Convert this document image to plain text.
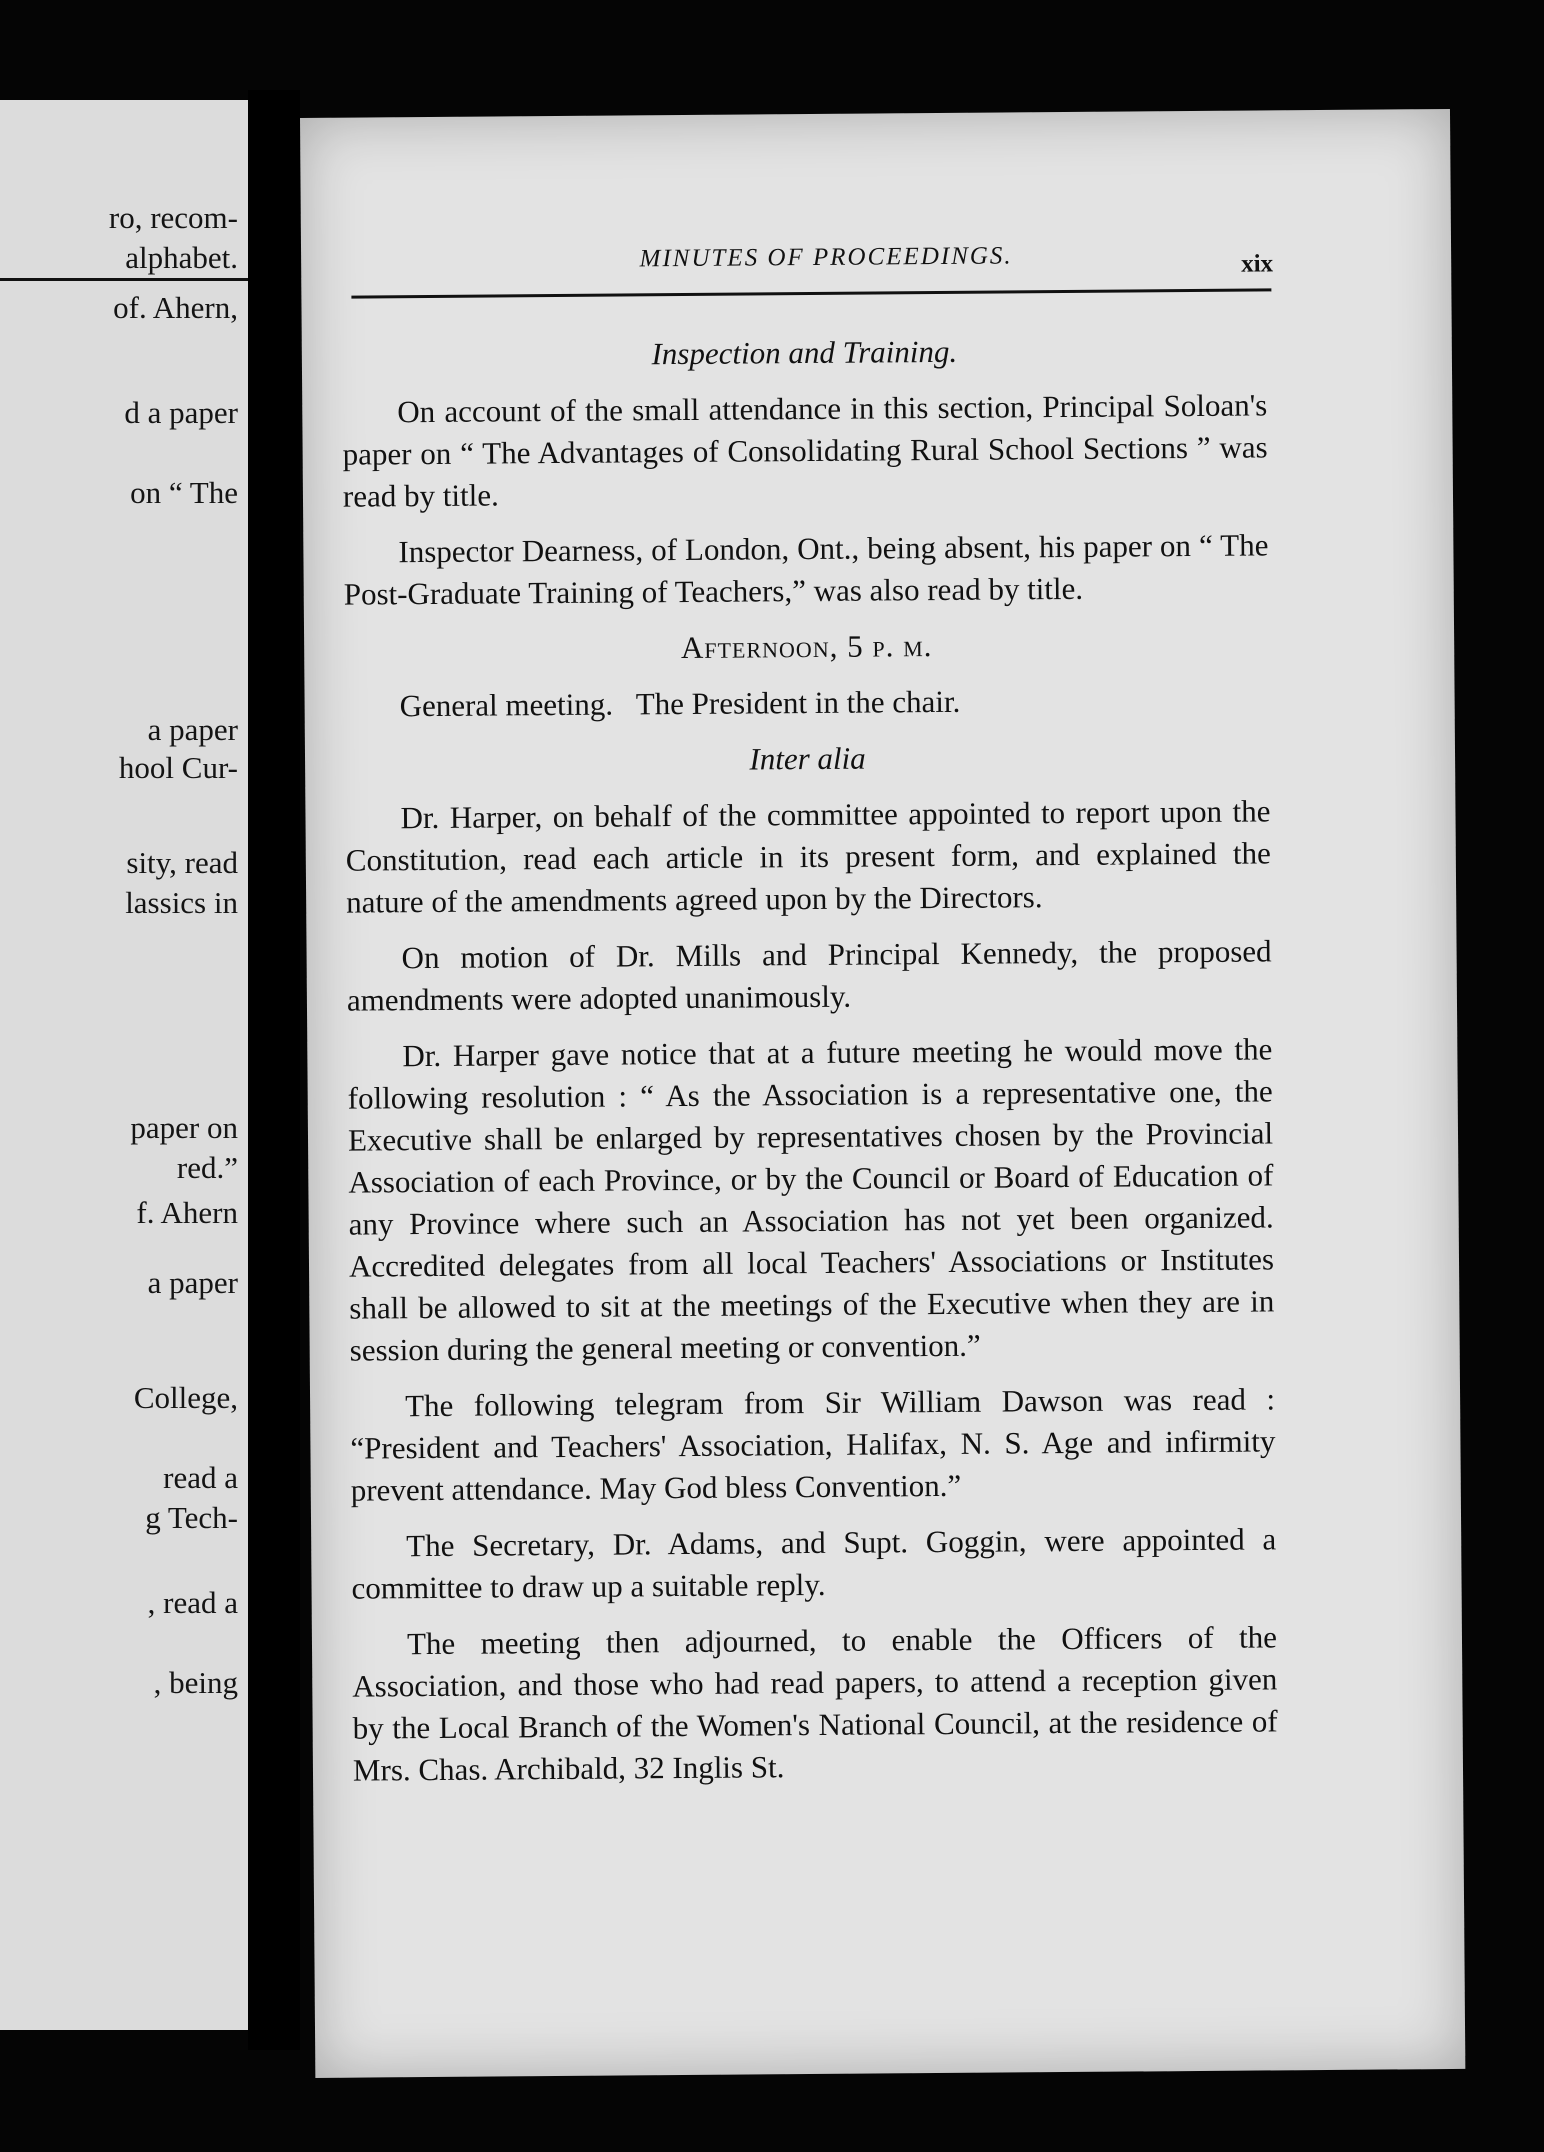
ro, recom-
alphabet.
of. Ahern,
d a paper
on “ The
a paper
hool Cur-
sity, read
lassics in
paper on
red.”
f. Ahern
a paper
College,
read a
g Tech-
, read a
, being
MINUTES OF PROCEEDINGS.	xix

Inspection and Training.

On account of the small attendance in this section, Principal Soloan's paper on “ The Advantages of Consolidating Rural School Sections ” was read by title.

Inspector Dearness, of London, Ont., being absent, his paper on “ The Post-Graduate Training of Teachers,” was also read by title.

Afternoon, 5 p. m.

General meeting.   The President in the chair.

Inter alia

Dr. Harper, on behalf of the committee appointed to report upon the Constitution, read each article in its present form, and explained the nature of the amendments agreed upon by the Directors.

On motion of Dr. Mills and Principal Kennedy, the proposed amendments were adopted unanimously.

Dr. Harper gave notice that at a future meeting he would move the following resolution : “ As the Association is a representative one, the Executive shall be enlarged by representatives chosen by the Provincial Association of each Province, or by the Council or Board of Education of any Province where such an Association has not yet been organized. Accredited delegates from all local Teachers' Associations or Institutes shall be allowed to sit at the meetings of the Executive when they are in session during the general meeting or convention.”

The following telegram from Sir William Dawson was read : “President and Teachers' Association, Halifax, N. S. Age and infirmity prevent attendance. May God bless Convention.”

The Secretary, Dr. Adams, and Supt. Goggin, were appointed a committee to draw up a suitable reply.

The meeting then adjourned, to enable the Officers of the Association, and those who had read papers, to attend a reception given by the Local Branch of the Women's National Council, at the residence of Mrs. Chas. Archibald, 32 Inglis St.
